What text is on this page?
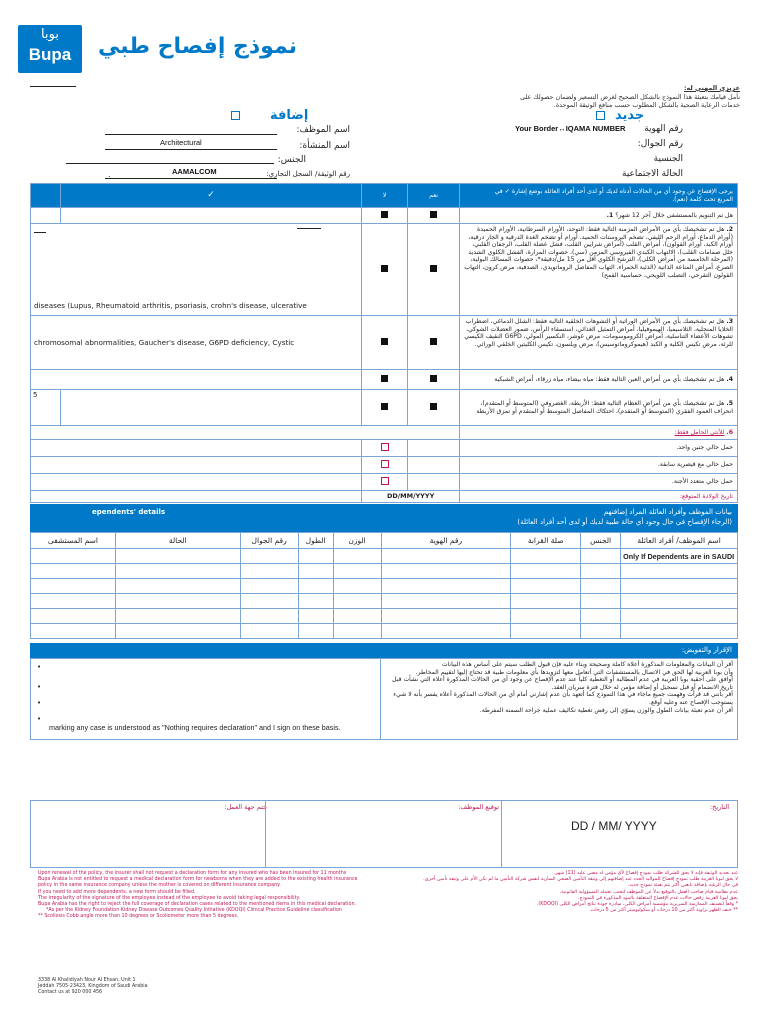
بوبا
Bupa	نموذج إفصاح طبي
عزيزي المهني له:
نأمل قيامك بتعبئة هذا النموذج بالشكل الصحيح لغرض التسعير ولضمان حصولك على
خدمات الرعاية الصحية بالشكل المطلوب حسب منافع الوثيقة الموحدة.
جديد
إضافة
رقم الهوية
Your Border↔IQAMA NUMBER
رقم الجوال:
الجنسية
الحالة الاجتماعية
اسم الموظف:
اسم المنشأة:
Architectural
الجنس:
رقم الوثيقة/ السجل التجاري:
AAMALCOM
.
	✓	لا	نعم	يرجى الإفصاح عن وجود أي من الحالات أدناه لديك أو لدى أحد أفراد العائلة بوضع إشارة ✓ في المربع تحت كلمة (نعم).
				هل تم التنويم بالمستشفى خلال آخر 12 شهر؟ 1.

diseases (Lupus, Rheumatoid arthritis, psoriasis, crohn's disease, ulcerative				2. هل تم تشخيصك بأي من الأمراض المزمنة التالية فقط: التوحد، الأورام السرطانية، الأورام الحميدة (أورام الدماغ، أورام الرحم الليفي، تضخم البروستات الحميد، أورام أو تضخم الغدة الدرقية و الجار درقية، أورام الكبد، أورام القولون)، أمراض القلب (أمراض شرايين القلب، فشل عضلة القلب، الرجفان القلبي، خلل صمامات القلب)، الالتهاب الكبدي الفيروسي المزمن (سي)، حصوات المرارة، الفشل الكلوي الشديد (المرحلة الخامسة من أمراض الكلى)، الترشح الكلوي أقل من 15 مل/دقيقة*، حصوات المسالك البولية، الصرع، أمراض المناعة الذاتية (الذئبة الحمراء، التهاب المفاصل الروماتويدي، الصدفية، مرض كرون، التهاب القولون التقرحي، التصلب اللويحي، حساسية القمح)
chromosomal abnormalities, Gaucher's disease, G6PD deficiency, Cystic				3. هل تم تشخيصك بأي من الأمراض الوراثية أو التشوهات الخلقية التالية فقط: الشلل الدماغي، اضطراب الخلايا المنجلية، الثلاسيميا، الهيموفيليا، أمراض التمثيل الغذائي، استسقاء الرأس، ضمور العضلات الشوكي، تشوهات الأعضاء التناسلية، أمراض الكروموسومات، مرض غوشر، النكسير المولي، G6PD النقيف الكيسي للرئة، مرض تكيس الكلية و الكبد (هيموكروماتوسيس)، مرض ويلسون، تكيس الكليتين الخلقي الوراثي.
				4. هل تم تشخيصك بأي من أمراض العين التالية فقط: مياه بيضاء، مياه زرقاء، أمراض الشبكية
5				5. هل تم تشخيصك بأي من أمراض العظام التالية فقط: الأربطة، الغضروفي (المتوسط أو المتقدم)، انحراف العمود الفقري (المتوسط أو المتقدم)، احتكاك المفاصل المتوسط أو المتقدم أو تمزق الأربطة
				6. للأنثى الحامل فقط:
				حمل حالي جنين واحد.
				حمل حالي مع قيصرية سابقة.
				حمل حالي متعدد الأجنة.
		DD/MM/YYYY		تاريخ الولادة المتوقع:
ependents' details	بيانات الموظف وأفراد العائلة المراد إضافتهم
(الرجاء الإفصاح في حال وجود أي حالة طبية لديك أو لدى أحد أفراد العائلة)
اسم المستشفى	الحالة	رقم الجوال	الطول	الوزن	رقم الهوية	صلة القرابة	الجنس	اسم الموظف/ أفراد العائلة
								Only If Dependents are in SAUDI

الإقرار والتفويض:
•
•
•
•
marking any case is understood as "Nothing requires declaration" and I sign on these basis.
أقر أن البيانات والمعلومات المذكورة أعلاه كاملة وصحيحة وبناء عليه فإن قبول الطلب سيتم على أساس هذه البيانات
وأن بوبا العربية لها الحق في الاتصال بالمستشفيات التي أتعامل معها لتزويدها بأي معلومات طبية قد تحتاج إليها لتقييم المخاطر.
أوافق على أحقية بوبا العربية في عدم المطالبة أو التغطية كلياً عند عدم الإفصاح عن وجود أي من الحالات المذكورة أعلاه التي نشأت قبل تاريخ الانضمام أو قبل تسجيل أو إضافة مؤمن له خلال فترة سريان العقد.
أقر بأنني قد قرأت وفهمت جميع ماجاء في هذا النموذج كما أتعهد بأن عدم إشارتي أمام أي من الحالات المذكورة أعلاه يفسر بأنه لا شيء يستوجب الإفصاح عنه وعليه أوقع.
أقر أن عدم تعبئة بيانات الطول والوزن يسوّي إلى رفض تغطية تكاليف عملية جراحة السمنة المفرطة.
التاريخ:
توقيع الموظف:
ختم جهة العمل:
DD / MM/ YYYY
Upon renewal of the policy, the insurer shall not request a declaration form for any insured who has been insured for 11 months
Bupa Arabia is not entitled to request a medical declaration form for newborns when they are added to the existing health insurance
policy in the same insurance company unless the mother is covered on different insurance company.
If you need to add more dependents, a new form should be filled.
The irregularity of the signature of the employee instead of the employee to avoid taking legal responsibility.
Bupa Arabia has the right to reject the full coverage of declaration cases related to the mentioned items in this medical declaration.
*As per the Kidney Foundation Kidney Disease Outcomes Quality Initiative (KDOQI) Clinical Practice Guideline classification
** Scoliosis Cobb angle more than 10 degrees or Scoliometer more than 5 degrees.
عند تجديد الوثيقة فإنه لا يحق للشركة طلب نموذج إفصاح لأي مؤمن له مضى عليه (11) شهر.
لا يحق لبوبا العربية طلب نموذج إفصاح للمواليد الجدد عند إضافتهم إلى وثيقة التأمين الصحي السارية لنفس شركة التأمين ما لم تكن الأم على وثيقة تأمين أخرى.
في حال الرغبة بإضافة تابعين أكثر يتم تعبئة نموذج جديد.
عدم نظامية قيام صاحب العمل بالتوقيع بدلاً عن الموظف لتجنب تحمله المسؤولية القانونية.
يحق لبوبا العربية رفض حالات عدم الإفصاح المتعلقة بالبنود المذكورة في النموذج.
* وفقاً لتصنيف الممارسة السريرية مؤسسة أمراض الكلى، مبادرة جودة نتائج أمراض الكلى (KDOQI).
** جنف الظهر بزاوية أكثر من 10 درجات أو سكوليوميتر أكثر من 5 درجات.
3338 Al Khalidiyah Nour Al Ehsan, Unit 1
Jeddah 7505-23423, Kingdom of Saudi Arabia
Contact us at 920 000 456
